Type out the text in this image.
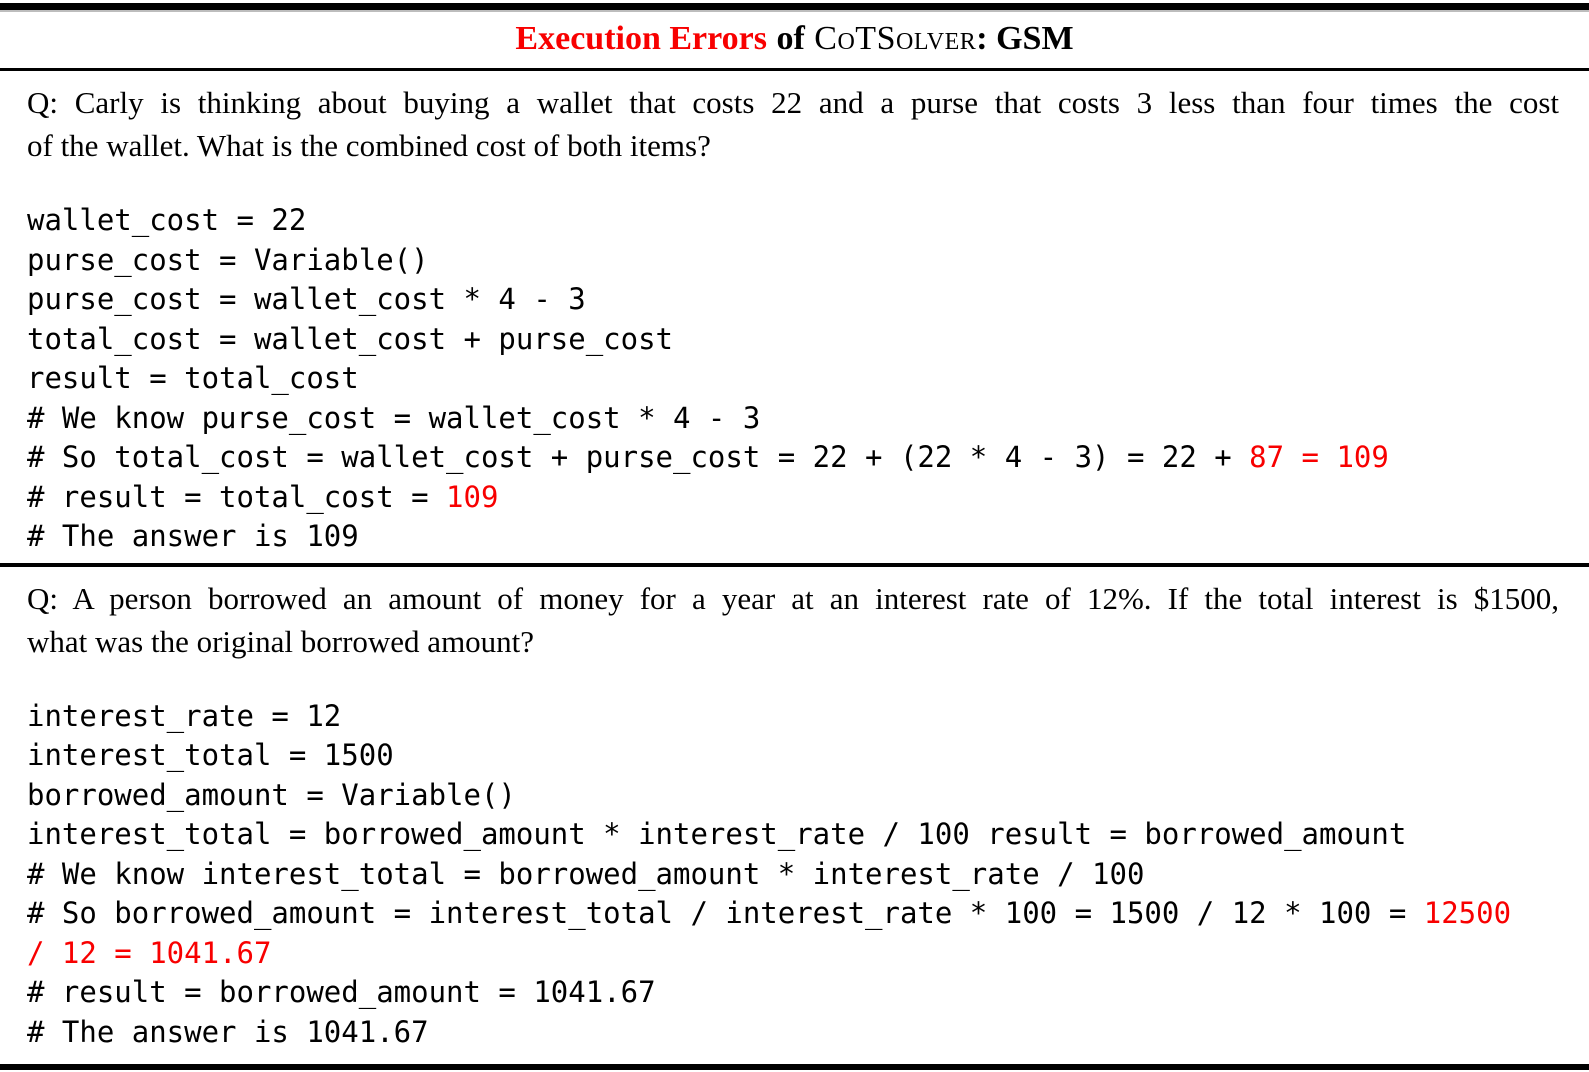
Execution Errors of CoTSolver: GSM
Q: Carly is thinking about buying a wallet that costs 22 and a purse that costs 3 less than four times the cost
of the wallet. What is the combined cost of both items?
wallet_cost = 22
purse_cost = Variable()
purse_cost = wallet_cost * 4 - 3
total_cost = wallet_cost + purse_cost
result = total_cost
# We know purse_cost = wallet_cost * 4 - 3
# So total_cost = wallet_cost + purse_cost = 22 + (22 * 4 - 3) = 22 + 87 = 109
# result = total_cost = 109
# The answer is 109
Q: A person borrowed an amount of money for a year at an interest rate of 12%. If the total interest is $1500,
what was the original borrowed amount?
interest_rate = 12
interest_total = 1500
borrowed_amount = Variable()
interest_total = borrowed_amount * interest_rate / 100 result = borrowed_amount
# We know interest_total = borrowed_amount * interest_rate / 100
# So borrowed_amount = interest_total / interest_rate * 100 = 1500 / 12 * 100 = 12500
/ 12 = 1041.67
# result = borrowed_amount = 1041.67
# The answer is 1041.67
